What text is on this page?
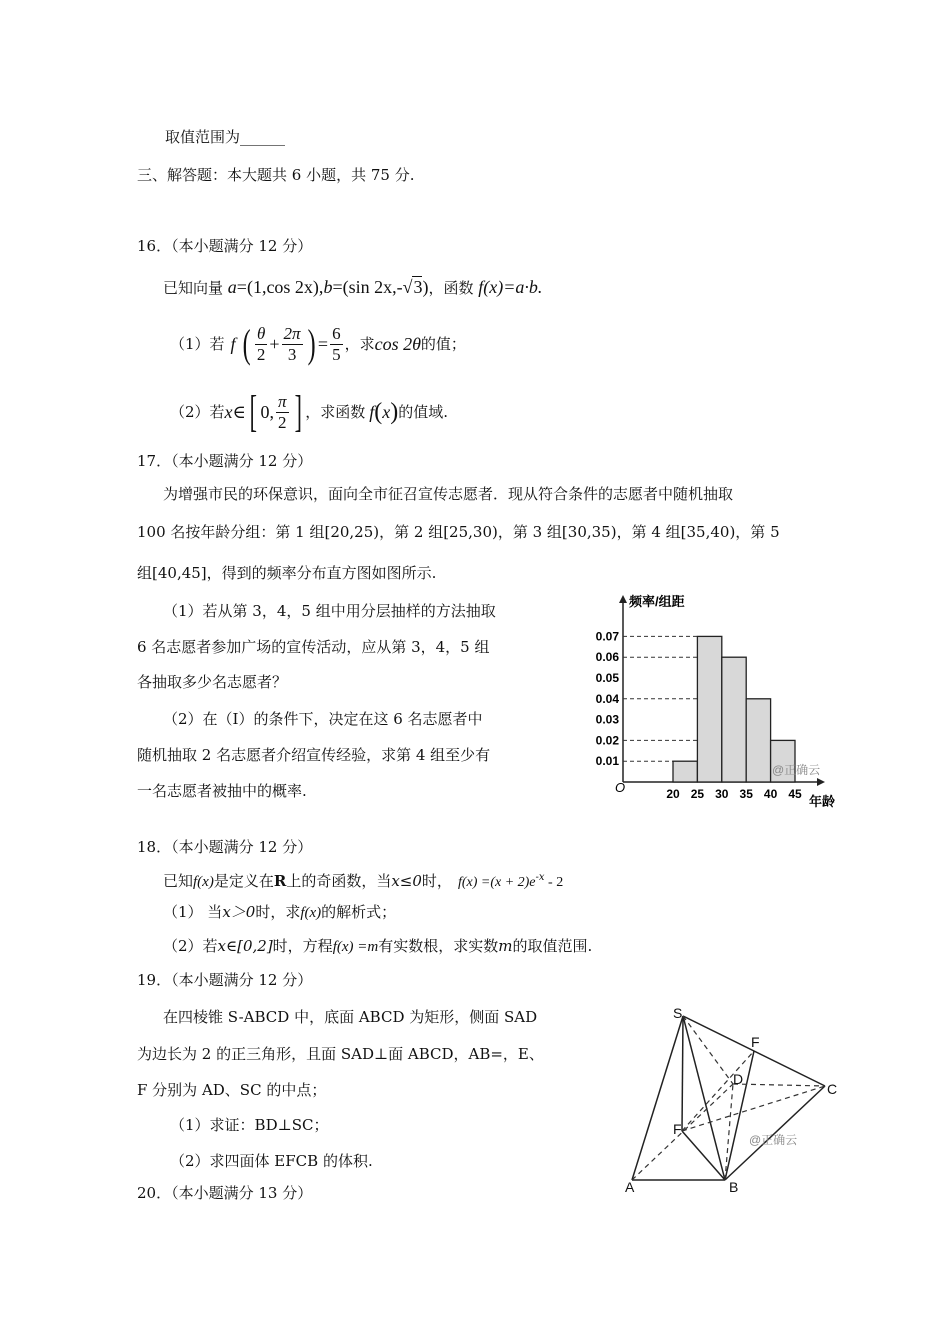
取值范围为______
三、解答题：本大题共 6 小题，共 75 分.
16．（本小题满分 12 分）
已知向量 a=(1,cos 2x),b=(sin 2x,-√3)，函数 f(x)=a·b.
（1）若 f ( $\frac{\theta}{2} + \frac{2\pi}{3}$ ) = $\frac{6}{5}$ ，求 cos 2θ 的值；
（2）若 x∈ [ 0, $\frac{\pi}{2}$ ] ，求函数 f ( x ) 的值域.
17．（本小题满分 12 分）
为增强市民的环保意识，面向全市征召宣传志愿者．现从符合条件的志愿者中随机抽取
100 名按年龄分组：第 1 组[20,25)，第 2 组[25,30)，第 3 组[30,35)，第 4 组[35,40)，第 5
组[40,45]，得到的频率分布直方图如图所示.
（1）若从第 3，4，5 组中用分层抽样的方法抽取
6 名志愿者参加广场的宣传活动，应从第 3，4，5 组
各抽取多少名志愿者？
（2）在（Ⅰ）的条件下，决定在这 6 名志愿者中
随机抽取 2 名志愿者介绍宣传经验，求第 4 组至少有
一名志愿者被抽中的概率.
0.01
0.02
0.03
0.04
0.05
0.06
0.07
20 25 30 35 40 45
频率/组距
年龄
O
@正确云
18．（本小题满分 12 分）
已知f(x)是定义在R上的奇函数，当x≤0时， $f(x) =(x + 2)e^{-x} - 2$
（1） 当x＞0时，求f(x)的解析式；
（2）若x∈[0,2]时，方程f(x) =m有实数根，求实数m的取值范围.
19．（本小题满分 12 分）
在四棱锥 S-ABCD 中，底面 ABCD 为矩形，侧面 SAD
为边长为 2 的正三角形，且面 SAD⊥面 ABCD，AB=，E、
F 分别为 AD、SC 的中点；
（1）求证：BD⊥SC；
（2）求四面体 EFCB 的体积.
S
F
D
C
F
A	B
@正确云
20．（本小题满分 13 分）
